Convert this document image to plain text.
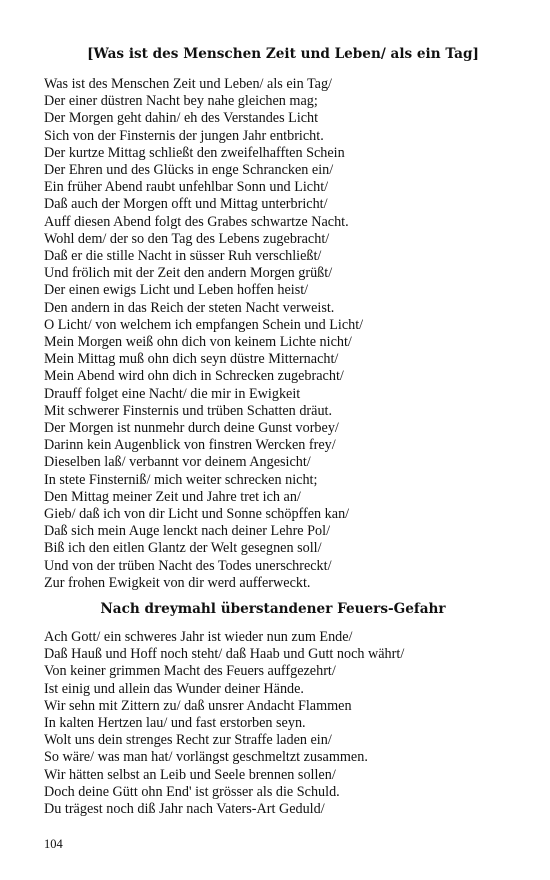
[Was ist des Menschen Zeit und Leben/ als ein Tag]
Was ist des Menschen Zeit und Leben/ als ein Tag/
Der einer düstren Nacht bey nahe gleichen mag;
Der Morgen geht dahin/ eh des Verstandes Licht
Sich von der Finsternis der jungen Jahr entbricht.
Der kurtze Mittag schließt den zweifelhafften Schein
Der Ehren und des Glücks in enge Schrancken ein/
Ein früher Abend raubt unfehlbar Sonn und Licht/
Daß auch der Morgen offt und Mittag unterbricht/
Auff diesen Abend folgt des Grabes schwartze Nacht.
Wohl dem/ der so den Tag des Lebens zugebracht/
Daß er die stille Nacht in süsser Ruh verschließt/
Und frölich mit der Zeit den andern Morgen grüßt/
Der einen ewigs Licht und Leben hoffen heist/
Den andern in das Reich der steten Nacht verweist.
O Licht/ von welchem ich empfangen Schein und Licht/
Mein Morgen weiß ohn dich von keinem Lichte nicht/
Mein Mittag muß ohn dich seyn düstre Mitternacht/
Mein Abend wird ohn dich in Schrecken zugebracht/
Drauff folget eine Nacht/ die mir in Ewigkeit
Mit schwerer Finsternis und trüben Schatten dräut.
Der Morgen ist nunmehr durch deine Gunst vorbey/
Darinn kein Augenblick von finstren Wercken frey/
Dieselben laß/ verbannt vor deinem Angesicht/
In stete Finsterniß/ mich weiter schrecken nicht;
Den Mittag meiner Zeit und Jahre tret ich an/
Gieb/ daß ich von dir Licht und Sonne schöpffen kan/
Daß sich mein Auge lenckt nach deiner Lehre Pol/
Biß ich den eitlen Glantz der Welt gesegnen soll/
Und von der trüben Nacht des Todes unerschreckt/
Zur frohen Ewigkeit von dir werd aufferweckt.
Nach dreymahl überstandener Feuers-Gefahr
Ach Gott/ ein schweres Jahr ist wieder nun zum Ende/
Daß Hauß und Hoff noch steht/ daß Haab und Gutt noch währt/
Von keiner grimmen Macht des Feuers auffgezehrt/
Ist einig und allein das Wunder deiner Hände.
Wir sehn mit Zittern zu/ daß unsrer Andacht Flammen
In kalten Hertzen lau/ und fast erstorben seyn.
Wolt uns dein strenges Recht zur Straffe laden ein/
So wäre/ was man hat/ vorlängst geschmeltzt zusammen.
Wir hätten selbst an Leib und Seele brennen sollen/
Doch deine Gütt ohn End' ist grösser als die Schuld.
Du trägest noch diß Jahr nach Vaters-Art Geduld/
104
